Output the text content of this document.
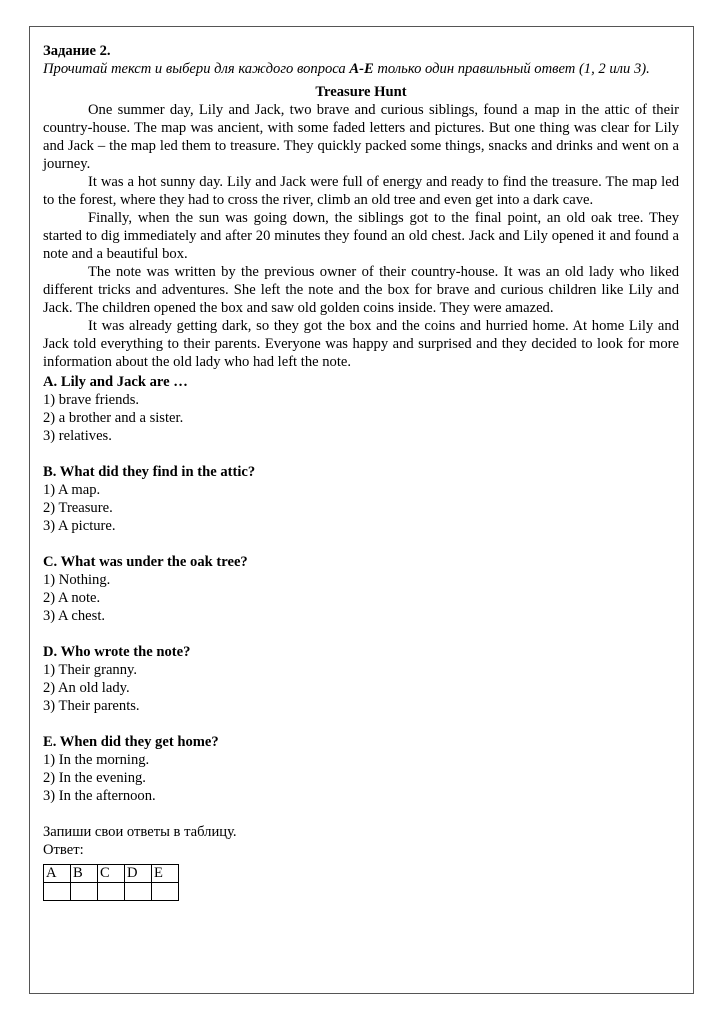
Задание 2.
Прочитай текст и выбери для каждого вопроса A-E только один правильный ответ (1, 2 или 3).
Treasure Hunt
One summer day, Lily and Jack, two brave and curious siblings, found a map in the attic of their country-house. The map was ancient, with some faded letters and pictures. But one thing was clear for Lily and Jack – the map led them to treasure. They quickly packed some things, snacks and drinks and went on a journey.
It was a hot sunny day. Lily and Jack were full of energy and ready to find the treasure. The map led to the forest, where they had to cross the river, climb an old tree and even get into a dark cave.
Finally, when the sun was going down, the siblings got to the final point, an old oak tree. They started to dig immediately and after 20 minutes they found an old chest. Jack and Lily opened it and found a note and a beautiful box.
The note was written by the previous owner of their country-house. It was an old lady who liked different tricks and adventures. She left the note and the box for brave and curious children like Lily and Jack. The children opened the box and saw old golden coins inside. They were amazed.
It was already getting dark, so they got the box and the coins and hurried home. At home Lily and Jack told everything to their parents. Everyone was happy and surprised and they decided to look for more information about the old lady who had left the note.
A. Lily and Jack are …
1) brave friends.
2) a brother and a sister.
3) relatives.
B. What did they find in the attic?
1) A map.
2) Treasure.
3) A picture.
C. What was under the oak tree?
1) Nothing.
2) A note.
3) A chest.
D. Who wrote the note?
1) Their granny.
2) An old lady.
3) Their parents.
E. When did they get home?
1) In the morning.
2) In the evening.
3) In the afternoon.
Запиши свои ответы в таблицу.
Ответ:
A	B	C	D	E
